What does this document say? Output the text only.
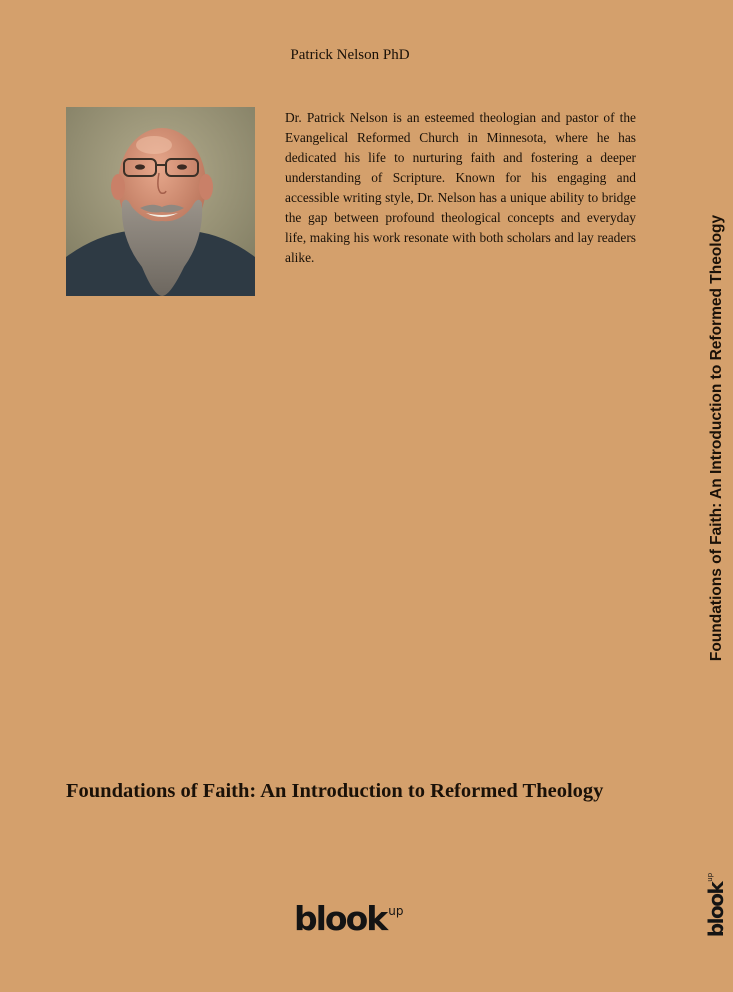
Patrick Nelson PhD

Dr. Patrick Nelson is an esteemed theologian and pastor of the Evangelical Reformed Church in Minnesota, where he has dedicated his life to nurturing faith and fostering a deeper understanding of Scripture. Known for his engaging and accessible writing style, Dr. Nelson has a unique ability to bridge the gap between profound theological concepts and everyday life, making his work resonate with both scholars and lay readers alike.

Foundations of Faith: An Introduction to Reformed Theology
Foundations of Faith: An Introduction to Reformed Theology
blook up	blook
up
